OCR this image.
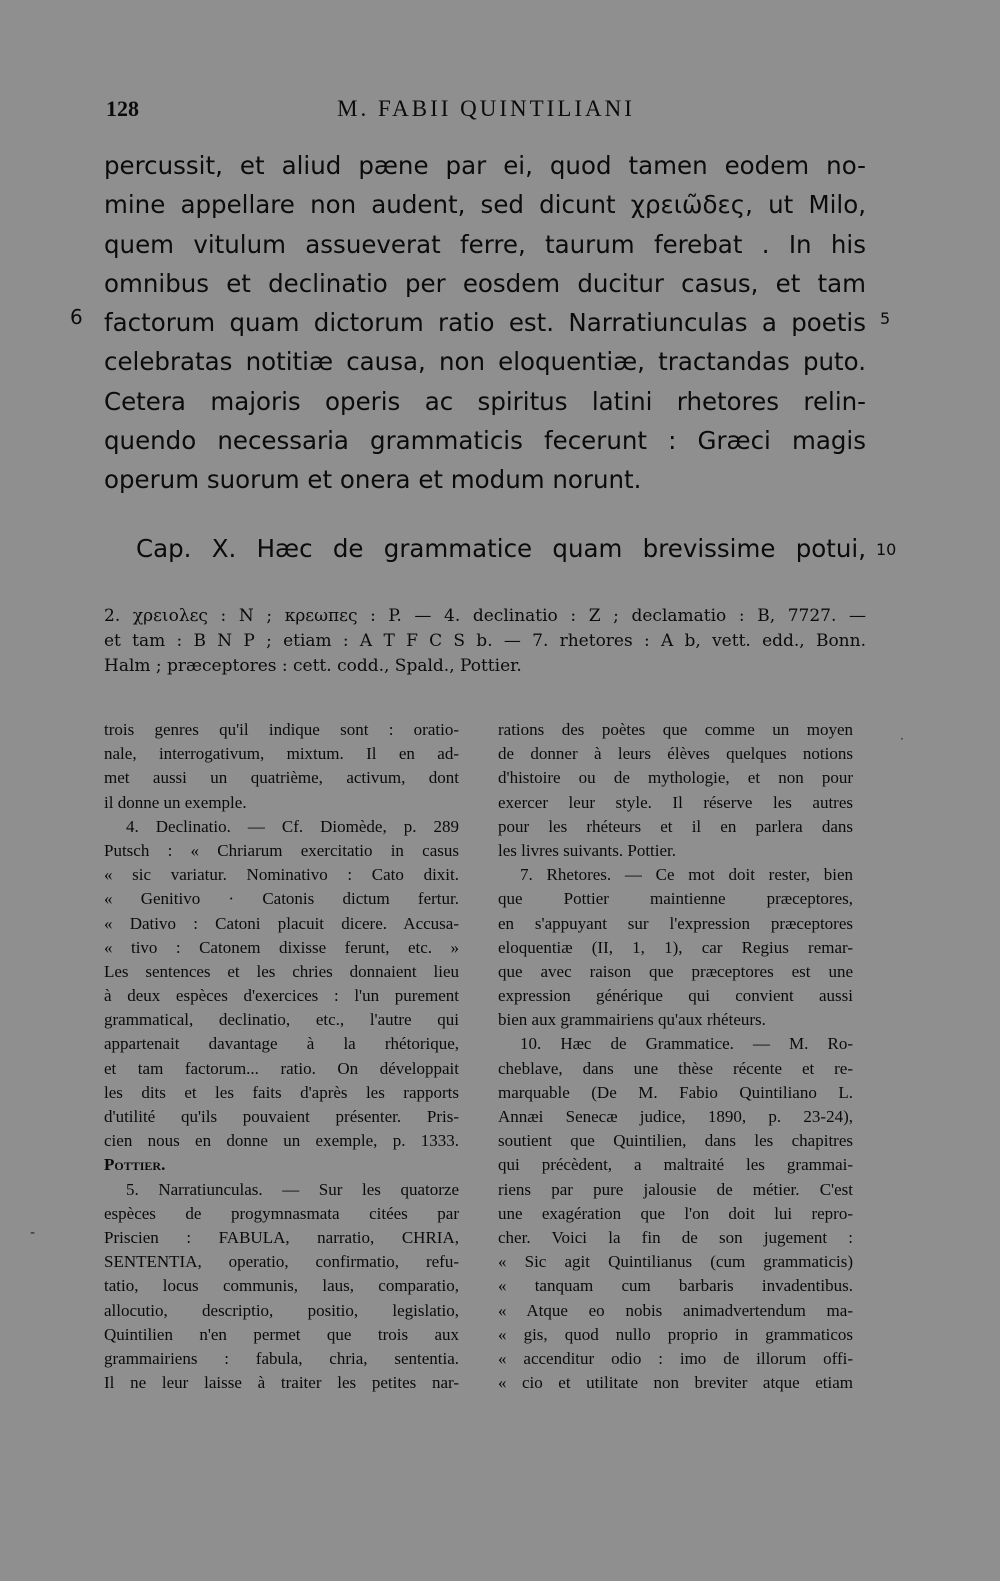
128	M. FABII QUINTILIANI
percussit, et aliud pæne par ei, quod tamen eodem no-
mine appellare non audent, sed dicunt χρειῶδες, ut Milo,
quem vitulum assueverat ferre, taurum ferebat . In his
omnibus et declinatio per eosdem ducitur casus, et tam
factorum quam dictorum ratio est. Narratiunculas a poetis
celebratas notitiæ causa, non eloquentiæ, tractandas puto.
Cetera majoris operis ac spiritus latini rhetores relin-
quendo necessaria grammaticis fecerunt : Græci magis
operum suorum et onera et modum norunt.
Cap. X. Hæc de grammatice quam brevissime potui,
6	5
10
2. χρειολες : N ; κρεωπες : P. — 4. declinatio : Z ; declamatio : B, 7727. —
et tam : B N P ; etiam : A T F C S b. — 7. rhetores : A b, vett. edd., Bonn.
Halm ; præceptores : cett. codd., Spald., Pottier.
trois genres qu'il indique sont : oratio-
nale, interrogativum, mixtum. Il en ad-
met aussi un quatrième, activum, dont
il donne un exemple.
4. Declinatio. — Cf. Diomède, p. 289
Putsch : « Chriarum exercitatio in casus
« sic variatur. Nominativo : Cato dixit.
« Genitivo · Catonis dictum fertur.
« Dativo : Catoni placuit dicere. Accusa-
« tivo : Catonem dixisse ferunt, etc. »
Les sentences et les chries donnaient lieu
à deux espèces d'exercices : l'un purement
grammatical, declinatio, etc., l'autre qui
appartenait davantage à la rhétorique,
et tam factorum... ratio. On développait
les dits et les faits d'après les rapports
d'utilité qu'ils pouvaient présenter. Pris-
cien nous en donne un exemple, p. 1333.
Pottier.
5. Narratiunculas. — Sur les quatorze
espèces de progymnasmata citées par
Priscien : FABULA, narratio, CHRIA,
SENTENTIA, operatio, confirmatio, refu-
tatio, locus communis, laus, comparatio,
allocutio, descriptio, positio, legislatio,
Quintilien n'en permet que trois aux
grammairiens : fabula, chria, sententia.
Il ne leur laisse à traiter les petites nar-
rations des poètes que comme un moyen
de donner à leurs élèves quelques notions
d'histoire ou de mythologie, et non pour
exercer leur style. Il réserve les autres
pour les rhéteurs et il en parlera dans
les livres suivants. Pottier.
7. Rhetores. — Ce mot doit rester, bien
que Pottier maintienne præceptores,
en s'appuyant sur l'expression præceptores
eloquentiæ (II, 1, 1), car Regius remar-
que avec raison que præceptores est une
expression générique qui convient aussi
bien aux grammairiens qu'aux rhéteurs.
10. Hæc de Grammatice. — M. Ro-
cheblave, dans une thèse récente et re-
marquable (De M. Fabio Quintiliano L.
Annæi Senecæ judice, 1890, p. 23-24),
soutient que Quintilien, dans les chapitres
qui précèdent, a maltraité les grammai-
riens par pure jalousie de métier. C'est
une exagération que l'on doit lui repro-
cher. Voici la fin de son jugement :
« Sic agit Quintilianus (cum grammaticis)
« tanquam cum barbaris invadentibus.
« Atque eo nobis animadvertendum ma-
« gis, quod nullo proprio in grammaticos
« accenditur odio : imo de illorum offi-
« cio et utilitate non breviter atque etiam
-
·
